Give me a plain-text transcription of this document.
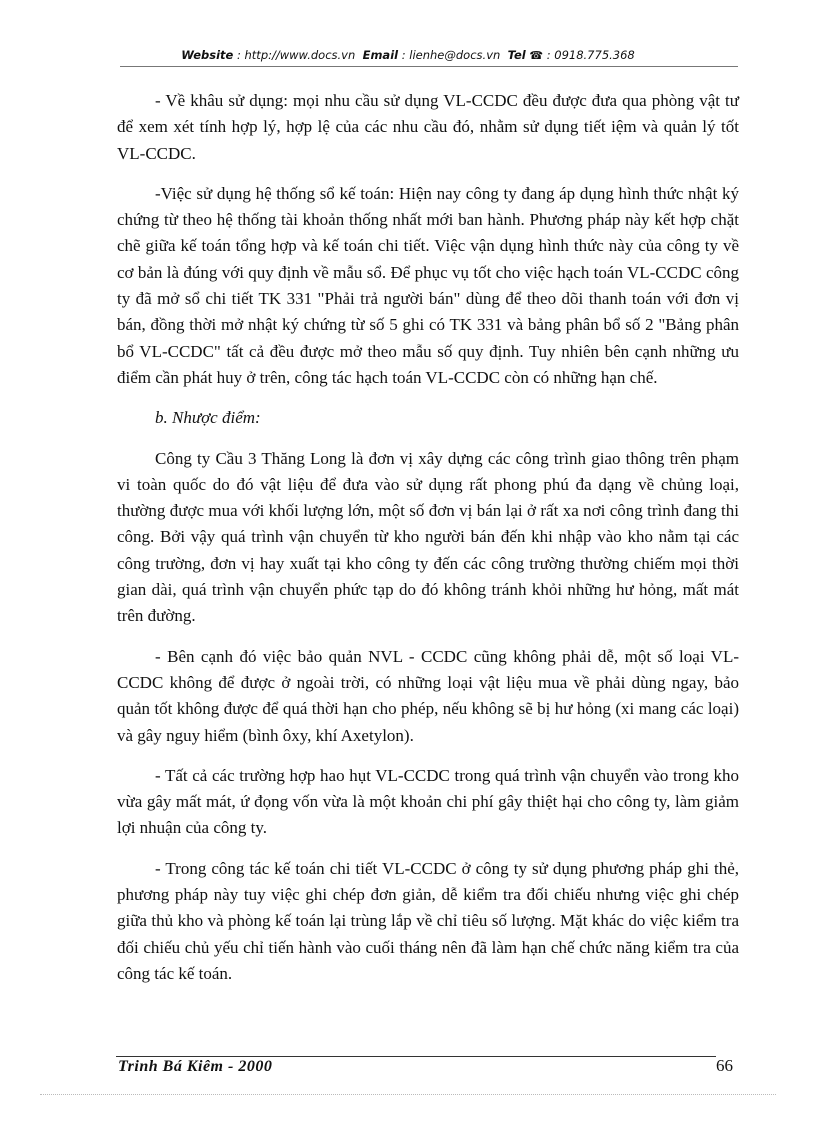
Website : http://www.docs.vn Email : lienhe@docs.vn Tel ☎ : 0918.775.368

- Về khâu sử dụng: mọi nhu cầu sử dụng VL-CCDC đều được đưa qua phòng vật tư để xem xét tính hợp lý, hợp lệ của các nhu cầu đó, nhằm sử dụng tiết iệm và quản lý tốt VL-CCDC.

-Việc sử dụng hệ thống sổ kế toán: Hiện nay công ty đang áp dụng hình thức nhật ký chứng từ theo hệ thống tài khoản thống nhất mới ban hành. Phương pháp này kết hợp chặt chẽ giữa kế toán tổng hợp và kế toán chi tiết. Việc vận dụng hình thức này của công ty về cơ bản là đúng với quy định về mẫu sổ. Để phục vụ tốt cho việc hạch toán VL-CCDC công ty đã mở sổ chi tiết TK 331 "Phải trả người bán" dùng để theo dõi thanh toán với đơn vị bán, đồng thời mở nhật ký chứng từ số 5 ghi có TK 331 và bảng phân bổ số 2 "Bảng phân bổ VL-CCDC" tất cả đều được mở theo mẫu số quy định. Tuy nhiên bên cạnh những ưu điểm cần phát huy ở trên, công tác hạch toán VL-CCDC còn có những hạn chế.

b. Nhược điểm:

Công ty Cầu 3 Thăng Long là đơn vị xây dựng các công trình giao thông trên phạm vi toàn quốc do đó vật liệu để đưa vào sử dụng rất phong phú đa dạng về chủng loại, thường được mua với khối lượng lớn, một số đơn vị bán lại ở rất xa nơi công trình đang thi công. Bởi vậy quá trình vận chuyển từ kho người bán đến khi nhập vào kho nằm tại các công trường, đơn vị hay xuất tại kho công ty đến các công trường thường chiếm mọi thời gian dài, quá trình vận chuyển phức tạp do đó không tránh khỏi những hư hỏng, mất mát trên đường.

- Bên cạnh đó việc bảo quản NVL - CCDC cũng không phải dễ, một số loại VL-CCDC không để được ở ngoài trời, có những loại vật liệu mua về phải dùng ngay, bảo quản tốt không được để quá thời hạn cho phép, nếu không sẽ bị hư hỏng (xi mang các loại) và gây nguy hiểm (bình ôxy, khí Axetylon).

- Tất cả các trường hợp hao hụt VL-CCDC trong quá trình vận chuyển vào trong kho vừa gây mất mát, ứ đọng vốn vừa là một khoản chi phí gây thiệt hại cho công ty, làm giảm lợi nhuận của công ty.

- Trong công tác kế toán chi tiết VL-CCDC ở công ty sử dụng phương pháp ghi thẻ, phương pháp này tuy việc ghi chép đơn giản, dễ kiểm tra đối chiếu nhưng việc ghi chép giữa thủ kho và phòng kế toán lại trùng lắp về chỉ tiêu số lượng. Mặt khác do việc kiểm tra đối chiếu chủ yếu chỉ tiến hành vào cuối tháng nên đã làm hạn chế chức năng kiểm tra của công tác kế toán.

Trinh Bá Kiêm - 2000	66
